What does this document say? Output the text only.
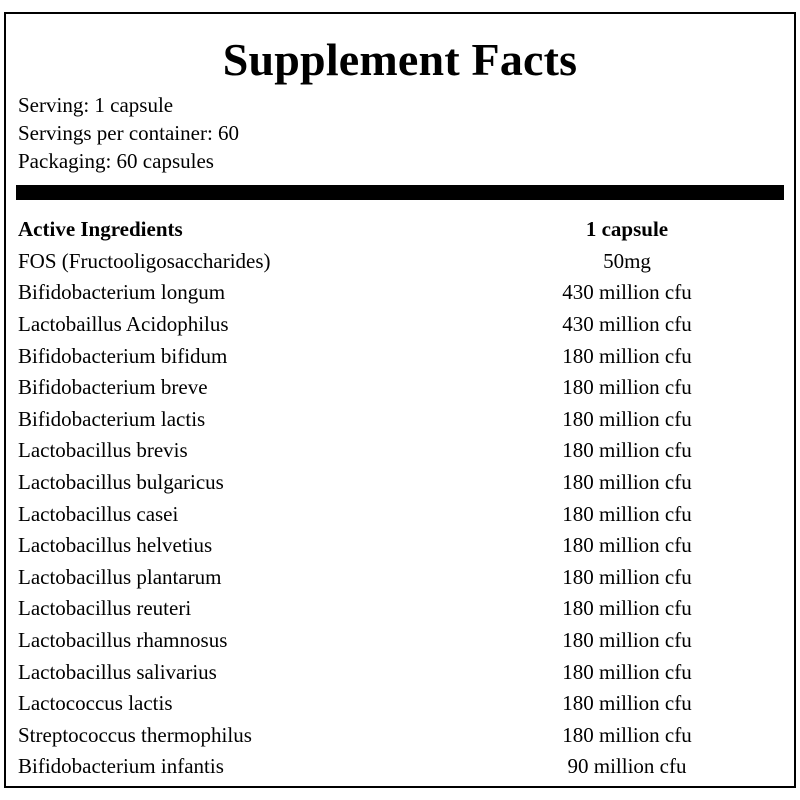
Supplement Facts
Serving: 1 capsule
Servings per container: 60
Packaging: 60 capsules
Active Ingredients	1 capsule
FOS (Fructooligosaccharides)	50mg
Bifidobacterium longum	430 million cfu
Lactobaillus Acidophilus	430 million cfu
Bifidobacterium bifidum	180 million cfu
Bifidobacterium breve	180 million cfu
Bifidobacterium lactis	180 million cfu
Lactobacillus brevis	180 million cfu
Lactobacillus bulgaricus	180 million cfu
Lactobacillus casei	180 million cfu
Lactobacillus helvetius	180 million cfu
Lactobacillus plantarum	180 million cfu
Lactobacillus reuteri	180 million cfu
Lactobacillus rhamnosus	180 million cfu
Lactobacillus salivarius	180 million cfu
Lactococcus lactis	180 million cfu
Streptococcus thermophilus	180 million cfu
Bifidobacterium infantis	90 million cfu
